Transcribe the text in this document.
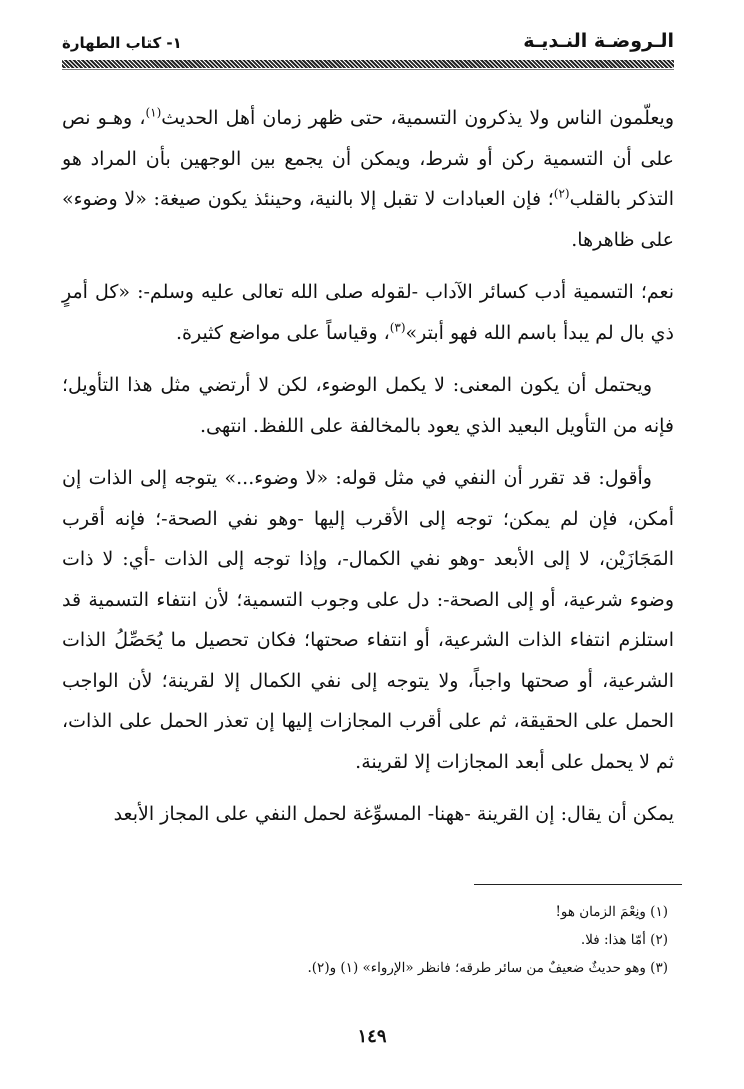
الـروضـة النـديـة
١- كتاب الطهارة

ويعلّمون الناس ولا يذكرون التسمية، حتى ظهر زمان أهل الحديث$^{(١)}$، وهـو نص على أن التسمية ركن أو شرط، ويمكن أن يجمع بين الوجهين بأن المراد هو التذكر بالقلب$^{(٢)}$؛ فإن العبادات لا تقبل إلا بالنية، وحينئذ يكون صيغة: «لا وضوء» على ظاهرها.

نعم؛ التسمية أدب كسائر الآداب -لقوله صلى الله تعالى عليه وسلم-: «كل أمرٍ ذي بال لم يبدأ باسم الله فهو أبتر»$^{(٣)}$، وقياساً على مواضع كثيرة.

ويحتمل أن يكون المعنى: لا يكمل الوضوء، لكن لا أرتضي مثل هذا التأويل؛ فإنه من التأويل البعيد الذي يعود بالمخالفة على اللفظ. انتهى.

وأقول: قد تقرر أن النفي في مثل قوله: «لا وضوء...» يتوجه إلى الذات إن أمكن، فإن لم يمكن؛ توجه إلى الأقرب إليها -وهو نفي الصحة-؛ فإنه أقرب المَجَازَيْن، لا إلى الأبعد -وهو نفي الكمال-، وإذا توجه إلى الذات -أي: لا ذات وضوء شرعية، أو إلى الصحة-: دل على وجوب التسمية؛ لأن انتفاء التسمية قد استلزم انتفاء الذات الشرعية، أو انتفاء صحتها؛ فكان تحصيل ما يُحَصِّلُ الذات الشرعية، أو صحتها واجباً، ولا يتوجه إلى نفي الكمال إلا لقرينة؛ لأن الواجب الحمل على الحقيقة، ثم على أقرب المجازات إليها إن تعذر الحمل على الذات، ثم لا يحمل على أبعد المجازات إلا لقرينة.

يمكن أن يقال: إن القرينة -ههنا- المسوِّغة لحمل النفي على المجاز الأبعد

(١) ونِعْمَ الزمان هو!

(٢) أمّا هذا: فلا.

(٣) وهو حديثٌ ضعيفٌ من سائر طرقه؛ فانظر «الإرواء» (١) و(٢).

١٤٩
